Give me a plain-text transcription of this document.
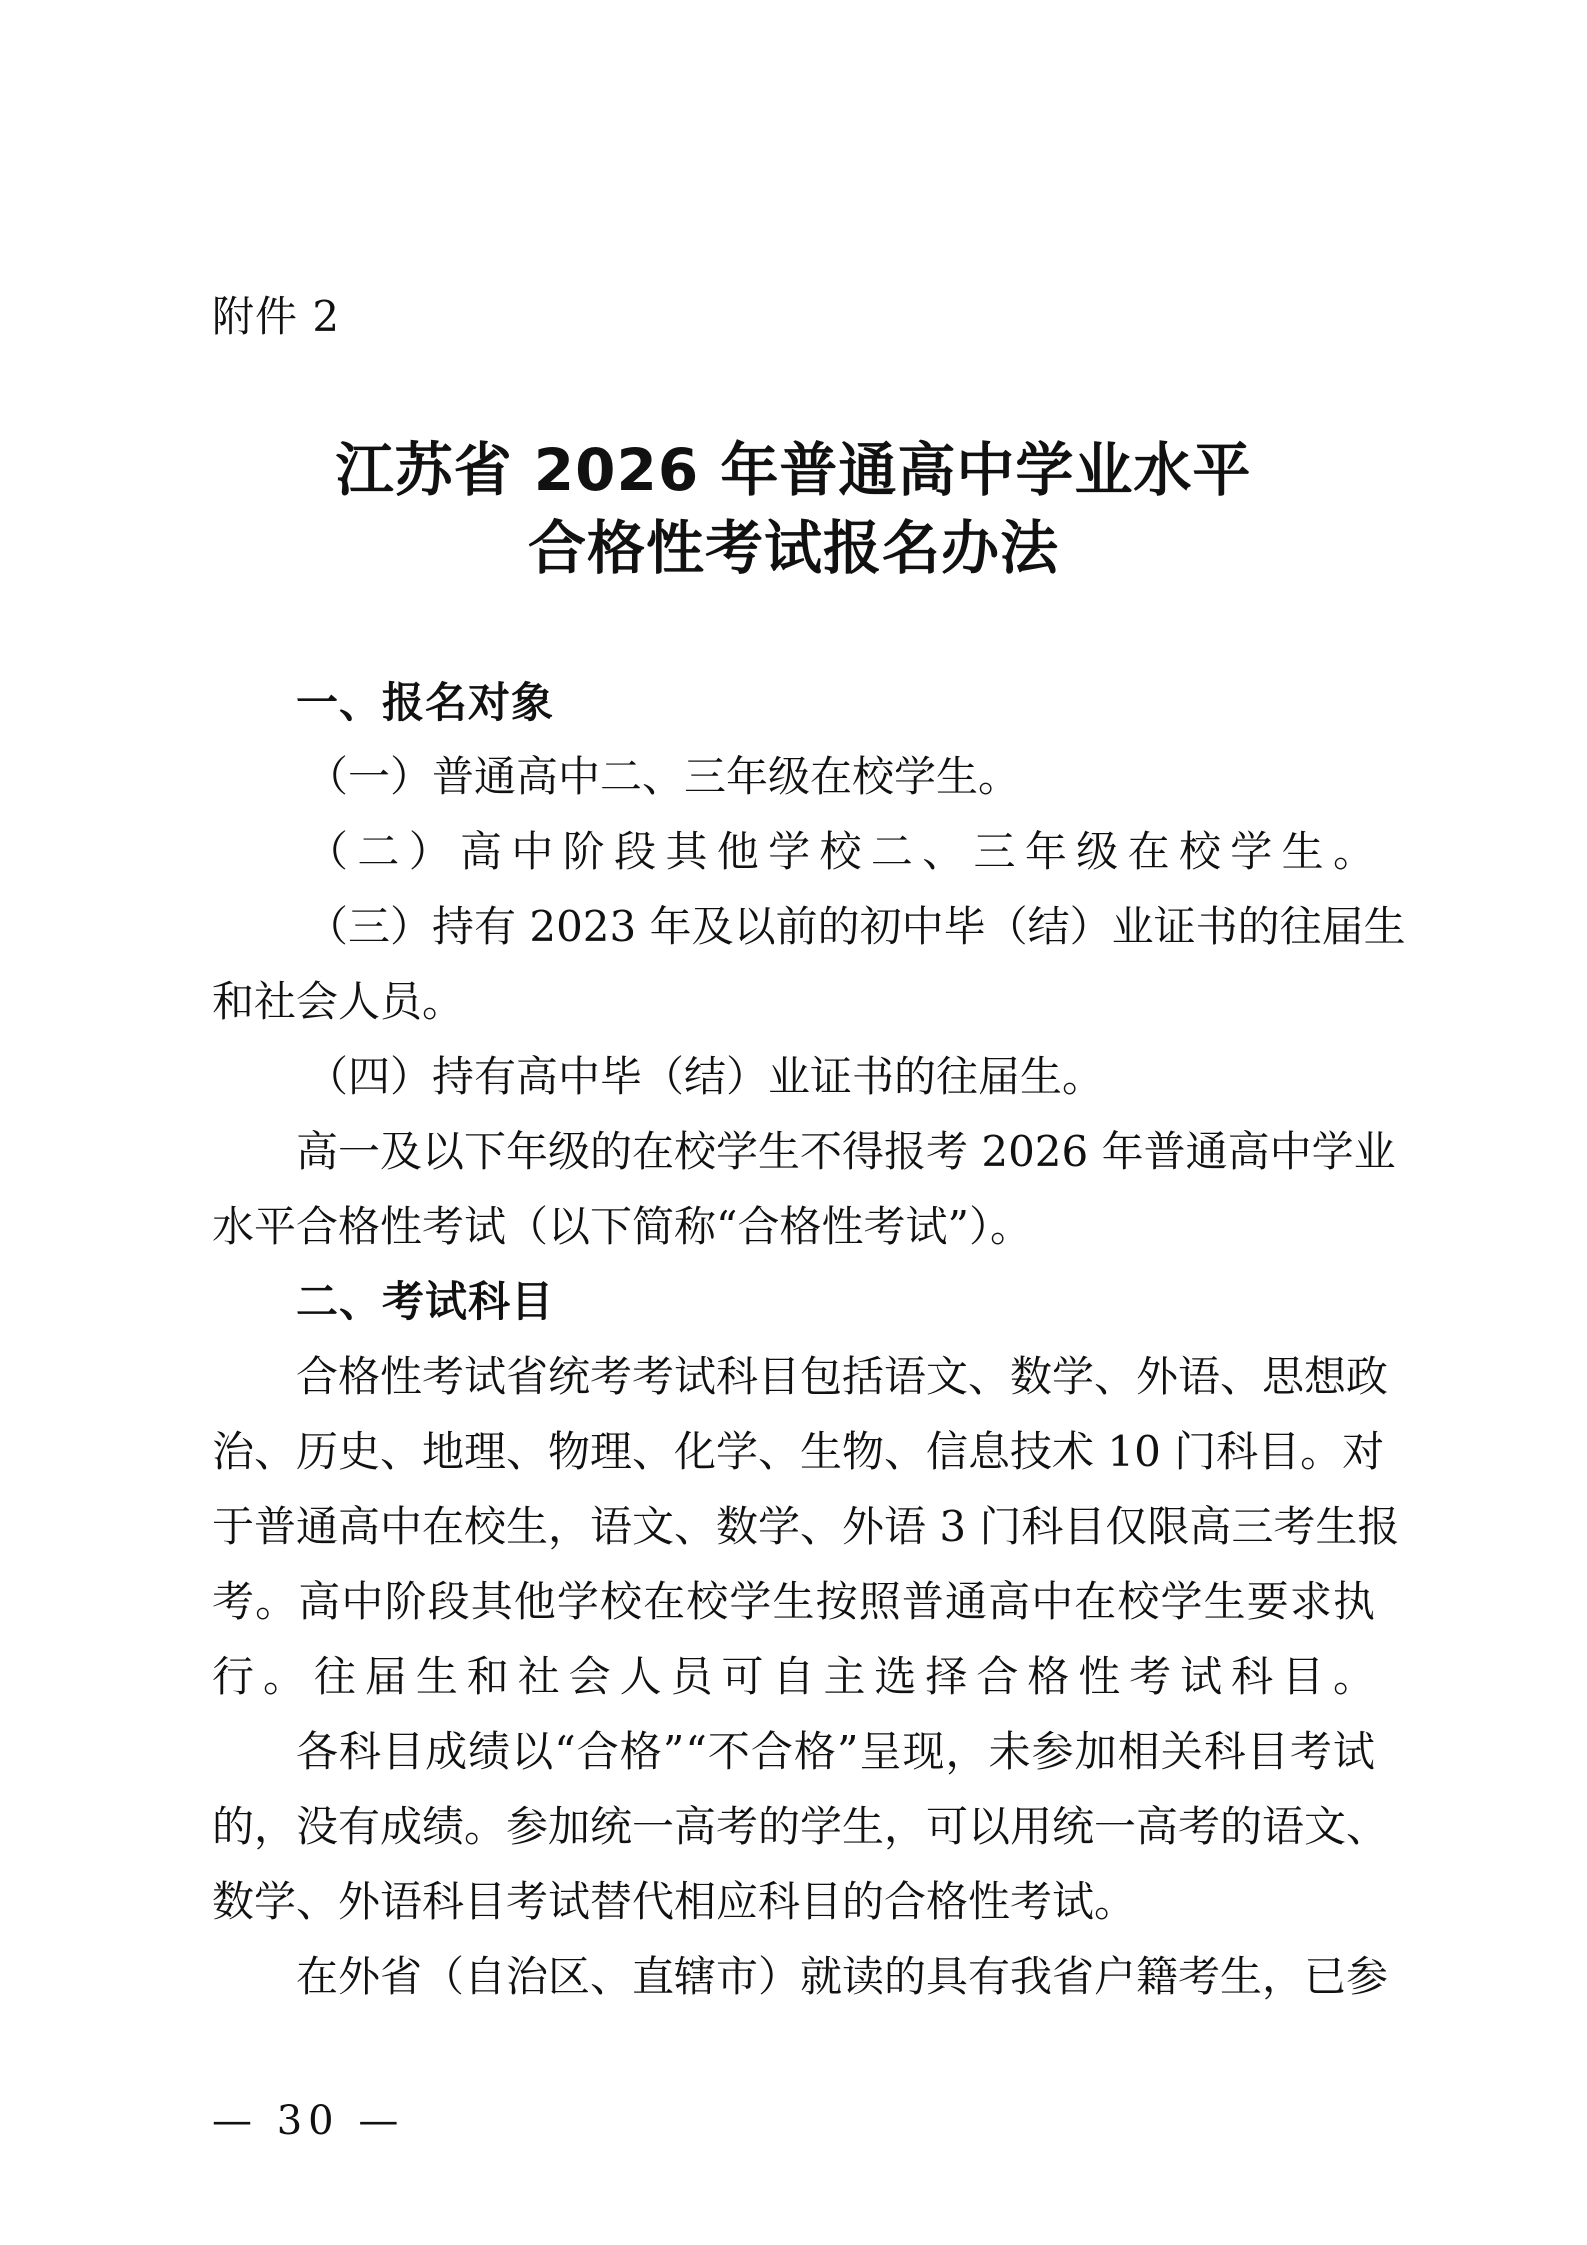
附件 2
江苏省 2026 年普通高中学业水平
合格性考试报名办法
一、报名对象
（一）普通高中二、三年级在校学生。
（二）高中阶段其他学校二、三年级在校学生。
（三）持有 2023 年及以前的初中毕（结）业证书的往届生
和社会人员。
（四）持有高中毕（结）业证书的往届生。
高一及以下年级的在校学生不得报考 2026 年普通高中学业
水平合格性考试（以下简称“合格性考试”）。
二、考试科目
合格性考试省统考考试科目包括语文、数学、外语、思想政
治、历史、地理、物理、化学、生物、信息技术 10 门科目。对
于普通高中在校生，语文、数学、外语 3 门科目仅限高三考生报
考。高中阶段其他学校在校学生按照普通高中在校学生要求执
行。往届生和社会人员可自主选择合格性考试科目。
各科目成绩以“合格”“不合格”呈现，未参加相关科目考试
的，没有成绩。参加统一高考的学生，可以用统一高考的语文、
数学、外语科目考试替代相应科目的合格性考试。
在外省（自治区、直辖市）就读的具有我省户籍考生，已参
— 30 —
